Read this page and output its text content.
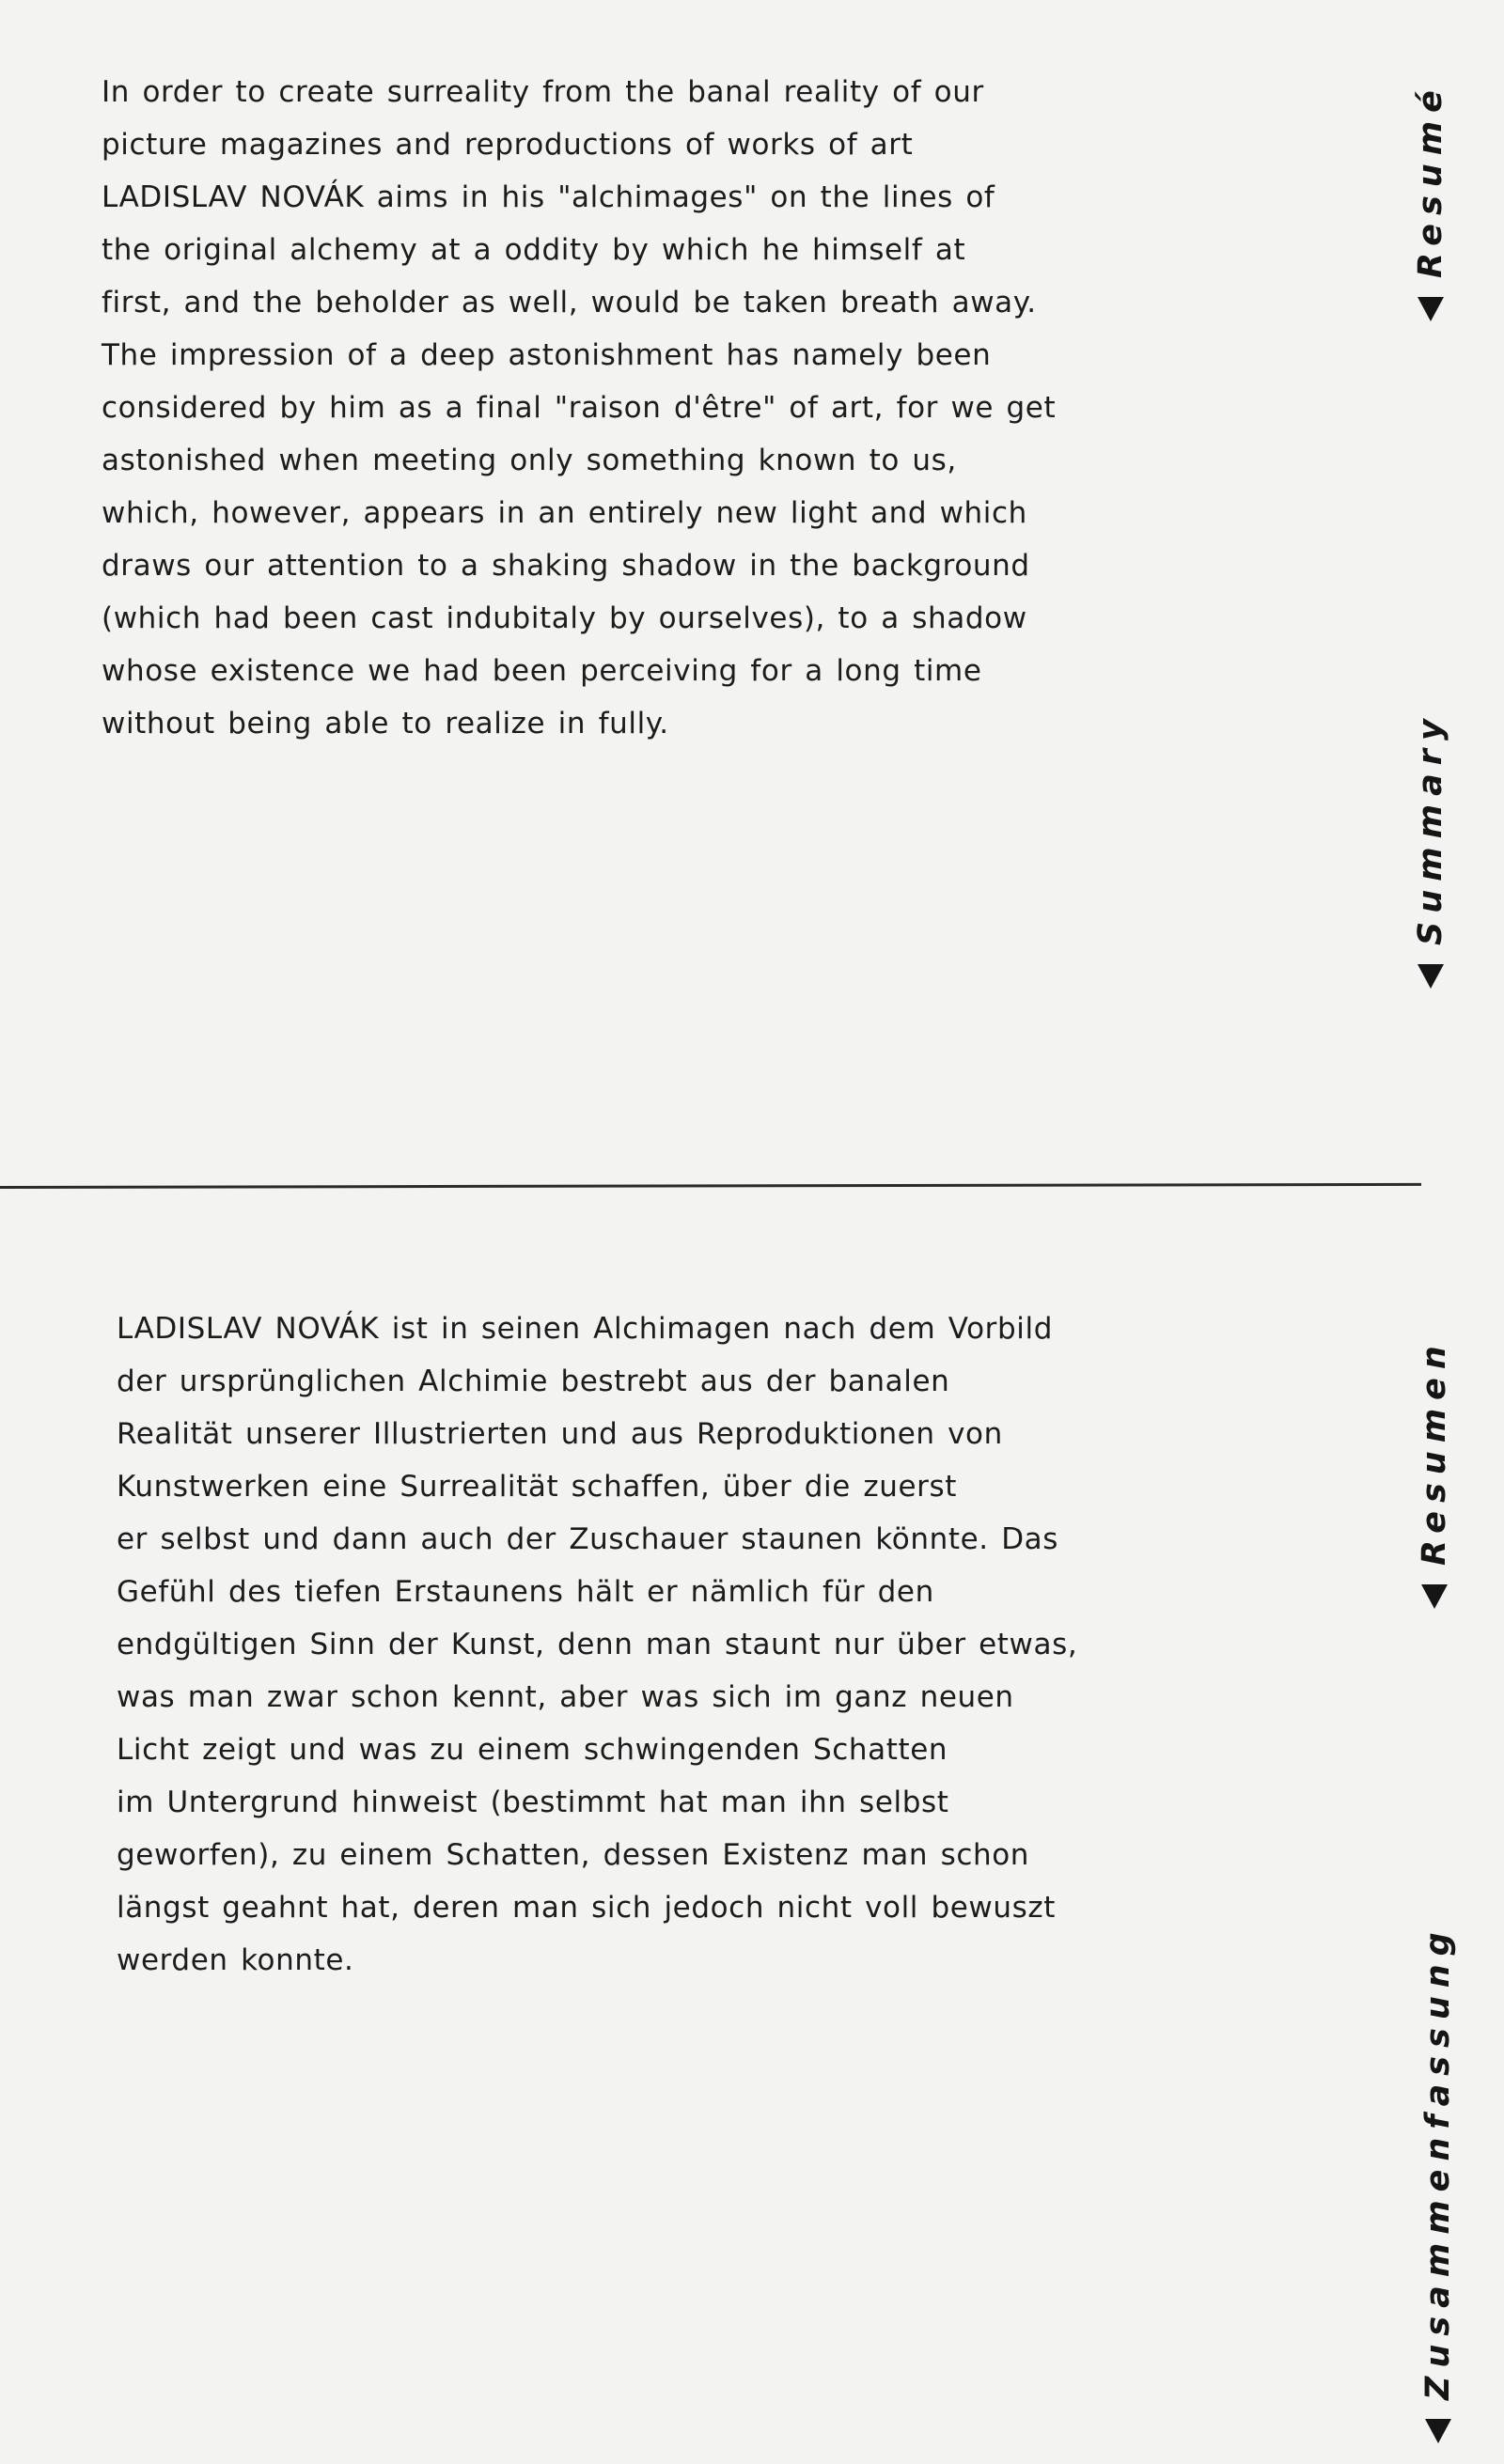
In order to create surreality from the banal reality of our
picture magazines and reproductions of works of art
LADISLAV NOVÁK aims in his "alchimages" on the lines of
the original alchemy at a oddity by which he himself at
first, and the beholder as well, would be taken breath away.
The impression of a deep astonishment has namely been
considered by him as a final "raison d'être" of art, for we get
astonished when meeting only something known to us,
which, however, appears in an entirely new light and which
draws our attention to a shaking shadow in the background
(which had been cast indubitaly by ourselves), to a shadow
whose existence we had been perceiving for a long time
without being able to realize in fully.
LADISLAV NOVÁK ist in seinen Alchimagen nach dem Vorbild
der ursprünglichen Alchimie bestrebt aus der banalen
Realität unserer Illustrierten und aus Reproduktionen von
Kunstwerken eine Surrealität schaffen, über die zuerst
er selbst und dann auch der Zuschauer staunen könnte. Das
Gefühl des tiefen Erstaunens hält er nämlich für den
endgültigen Sinn der Kunst, denn man staunt nur über etwas,
was man zwar schon kennt, aber was sich im ganz neuen
Licht zeigt und was zu einem schwingenden Schatten
im Untergrund hinweist (bestimmt hat man ihn selbst
geworfen), zu einem Schatten, dessen Existenz man schon
längst geahnt hat, deren man sich jedoch nicht voll bewuszt
werden konnte.
Resumé
Summary
Resumen
Zusammenfassung
